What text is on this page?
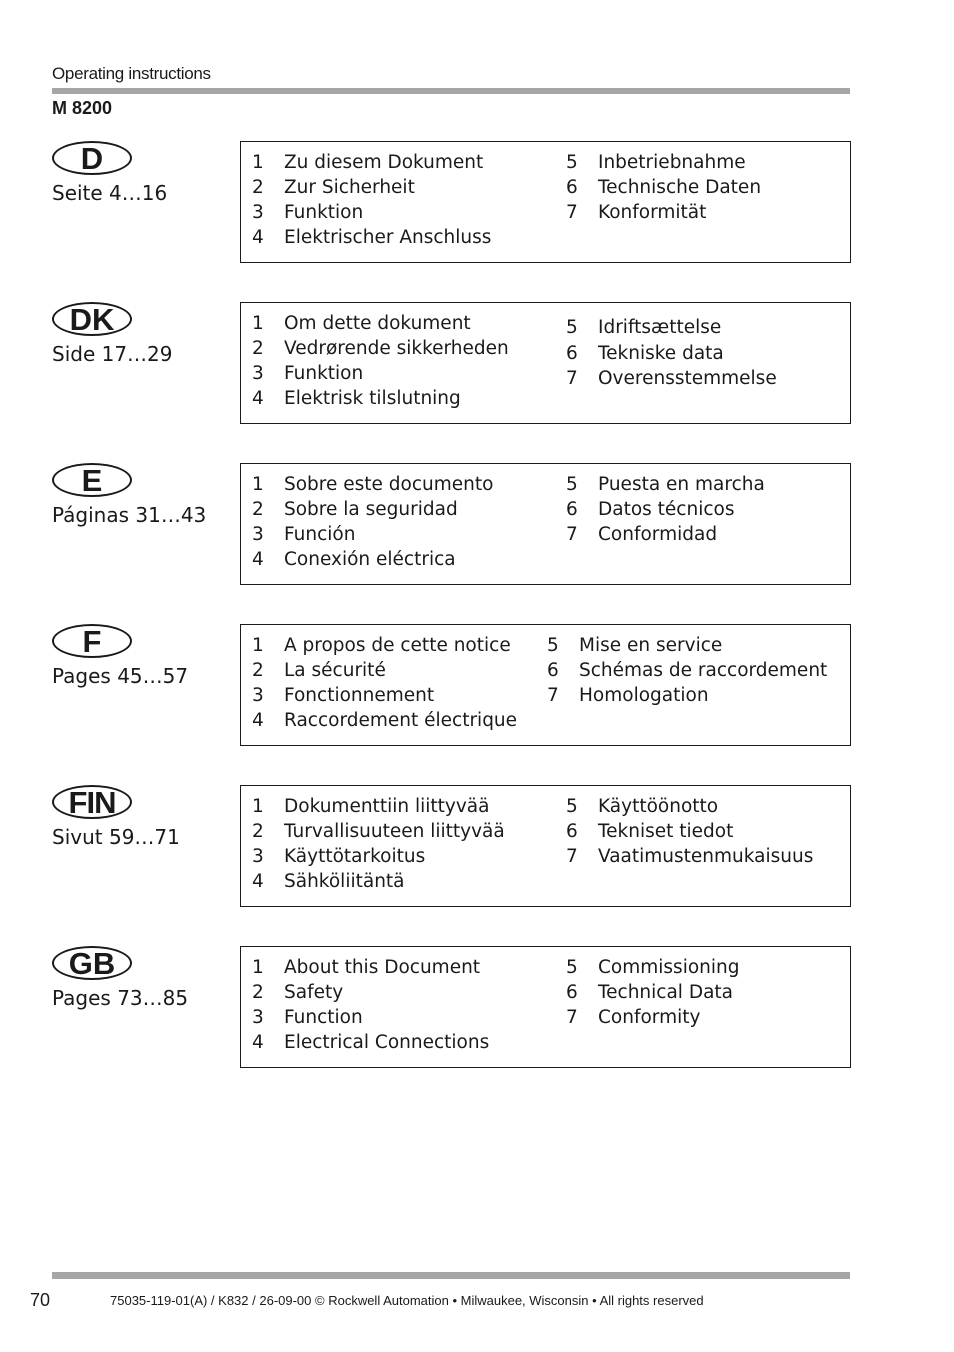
Operating instructions
M 8200
D
Seite 4…16
1	Zu diesem Dokument
2	Zur Sicherheit
3	Funktion
4	Elektrischer Anschluss
5	Inbetriebnahme
6	Technische Daten
7	Konformität
DK
Side 17…29
1	Om dette dokument
2	Vedrørende sikkerheden
3	Funktion
4	Elektrisk tilslutning
5	Idriftsættelse
6	Tekniske data
7	Overensstemmelse
E
Páginas 31…43
1	Sobre este documento
2	Sobre la seguridad
3	Función
4	Conexión eléctrica
5	Puesta en marcha
6	Datos técnicos
7	Conformidad
F
Pages 45…57
1	A propos de cette notice
2	La sécurité
3	Fonctionnement
4	Raccordement électrique
5	Mise en service
6	Schémas de raccordement
7	Homologation
FIN
Sivut 59…71
1	Dokumenttiin liittyvää
2	Turvallisuuteen liittyvää
3	Käyttötarkoitus
4	Sähköliitäntä
5	Käyttöönotto
6	Tekniset tiedot
7	Vaatimustenmukaisuus
GB
Pages 73…85
1	About this Document
2	Safety
3	Function
4	Electrical Connections
5	Commissioning
6	Technical Data
7	Conformity
70	75035-119-01(A) / K832 / 26-09-00 © Rockwell Automation • Milwaukee, Wisconsin • All rights reserved
